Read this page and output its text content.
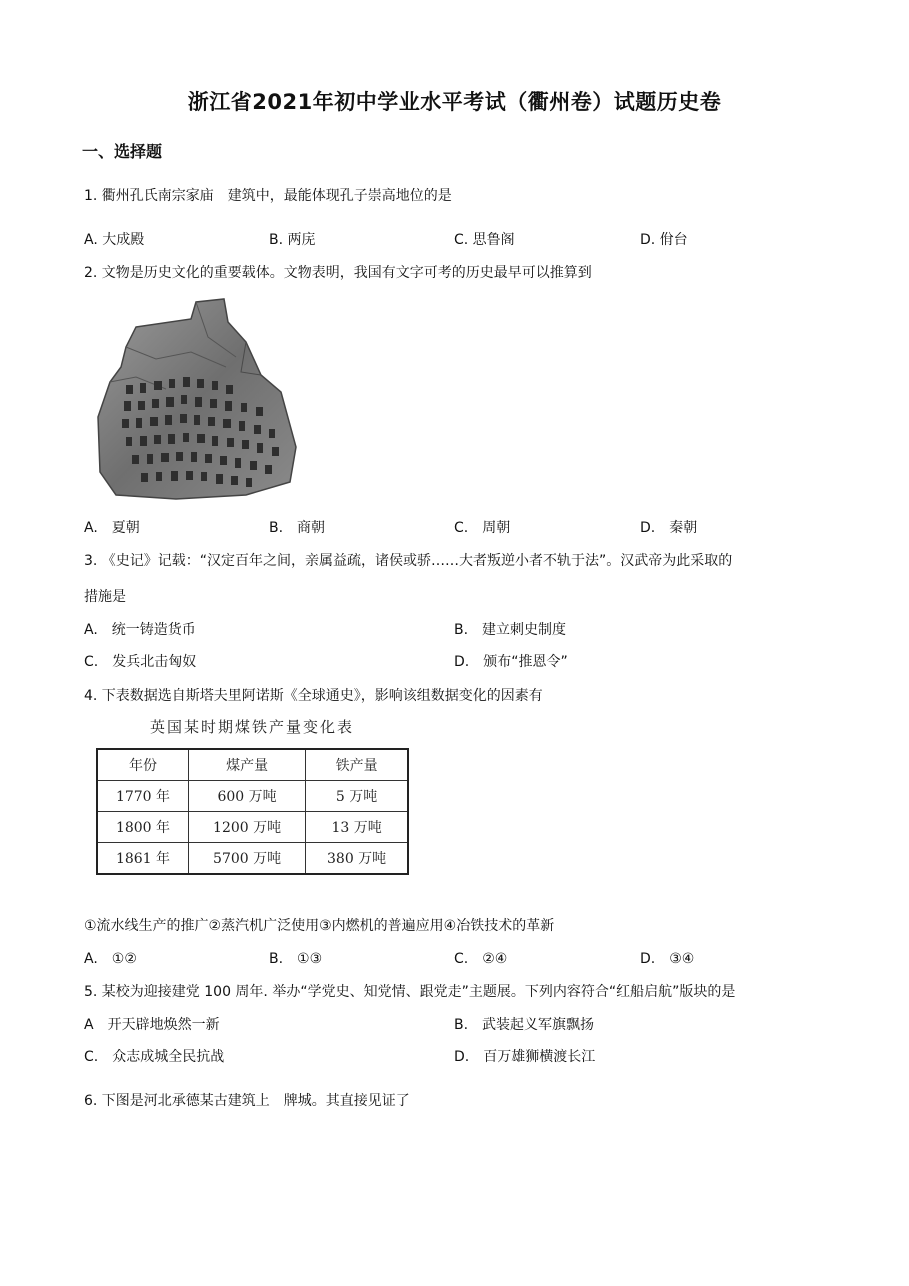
浙江省2021年初中学业水平考试（衢州卷）试题历史卷
一、选择题
1. 衢州孔氏南宗家庙　建筑中，最能体现孔子崇高地位的是
A. 大成殿	B. 两庑	C. 思鲁阁	D. 佾台
2. 文物是历史文化的重要载体。文物表明，我国有文字可考的历史最早可以推算到
A.　夏朝	B.　商朝	C.　周朝	D.　秦朝
3. 《史记》记载：“汉定百年之间，亲属益疏，诸侯或骄……大者叛逆小者不轨于法”。汉武帝为此采取的
措施是
A.　统一铸造货币	B.　建立刺史制度
C.　发兵北击匈奴	D.　颁布“推恩令”
4. 下表数据选自斯塔夫里阿诺斯《全球通史》，影响该组数据变化的因素有
英国某时期煤铁产量变化表
年份	煤产量	铁产量
1770 年	600 万吨	5 万吨
1800 年	1200 万吨	13 万吨
1861 年	5700 万吨	380 万吨
①流水线生产的推广②蒸汽机广泛使用③内燃机的普遍应用④冶铁技术的革新
A.　①②	B.　①③	C.　②④	D.　③④
5. 某校为迎接建党 100 周年. 举办“学党史、知党情、跟党走”主题展。下列内容符合“红船启航”版块的是
A　开天辟地焕然一新	B.　武装起义军旗飘扬
C.　众志成城全民抗战	D.　百万雄狮横渡长江
6. 下图是河北承德某古建筑上　牌城。其直接见证了
